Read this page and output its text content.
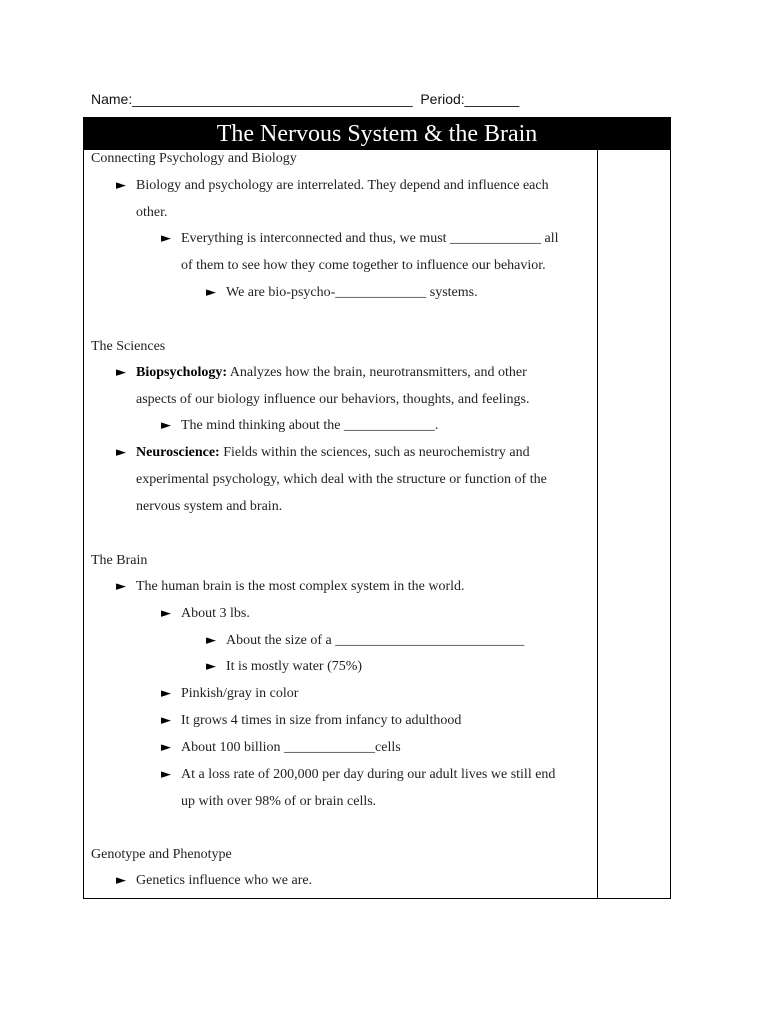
Name:____________________________________ Period:_______
The Nervous System & the Brain
Connecting Psychology and Biology
► Biology and psychology are interrelated. They depend and influence each
other.
► Everything is interconnected and thus, we must _____________ all
of them to see how they come together to influence our behavior.
► We are bio-psycho-_____________ systems.
The Sciences
► Biopsychology: Analyzes how the brain, neurotransmitters, and other
aspects of our biology influence our behaviors, thoughts, and feelings.
► The mind thinking about the _____________.
► Neuroscience: Fields within the sciences, such as neurochemistry and
experimental psychology, which deal with the structure or function of the
nervous system and brain.
The Brain
► The human brain is the most complex system in the world.
► About 3 lbs.
► About the size of a ___________________________
► It is mostly water (75%)
► Pinkish/gray in color
► It grows 4 times in size from infancy to adulthood
► About 100 billion _____________cells
► At a loss rate of 200,000 per day during our adult lives we still end
up with over 98% of or brain cells.
Genotype and Phenotype
► Genetics influence who we are.
